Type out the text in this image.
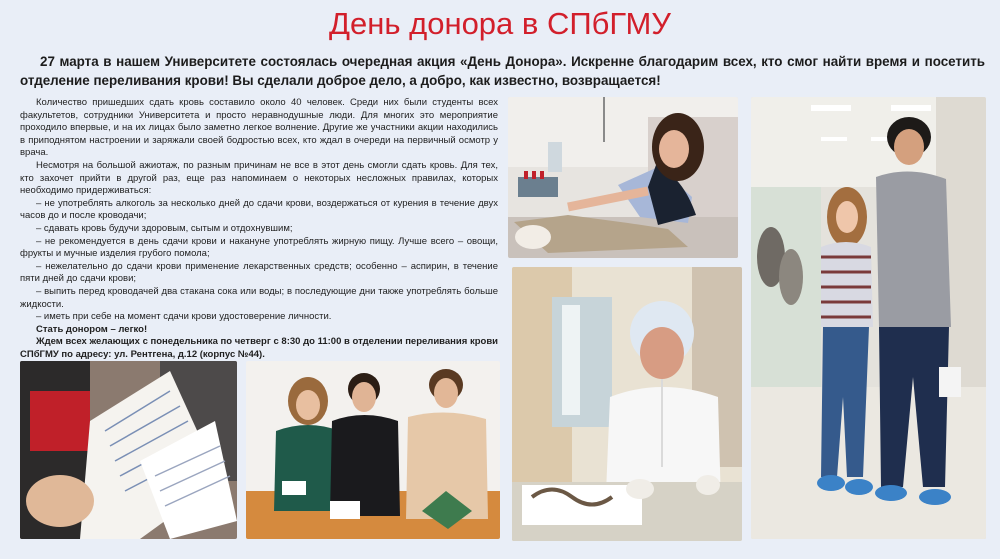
День донора в СПбГМУ
27 марта в нашем Университете состоялась очередная акция «День Донора». Искренне благодарим всех, кто смог найти время и посетить отделение переливания крови! Вы сделали доброе дело, а добро, как известно, возвращается!

Количество пришедших сдать кровь составило около 40 человек. Среди них были студенты всех факультетов, сотрудники Университета и просто неравнодушные люди. Для многих это мероприятие проходило впервые, и на их лицах было заметно легкое волнение. Другие же участники акции находились в приподнятом настроении и заряжали своей бодростью всех, кто ждал в очереди на первичный осмотр у врача.

Несмотря на большой ажиотаж, по разным причинам не все в этот день смогли сдать кровь. Для тех, кто захочет прийти в другой раз, еще раз напоминаем о некоторых несложных правилах, которых необходимо придерживаться:

– не употреблять алкоголь за несколько дней до сдачи крови, воздержаться от курения в течение двух часов до и после кроводачи;

– сдавать кровь будучи здоровым, сытым и отдохнувшим;

– не рекомендуется в день сдачи крови и накануне употреблять жирную пищу. Лучше всего – овощи, фрукты и мучные изделия грубого помола;

– нежелательно до сдачи крови применение лекарственных средств; особенно – аспирин, в течение пяти дней до сдачи крови;

– выпить перед кроводачей два стакана сока или воды; в последующие дни также употреблять больше жидкости.

– иметь при себе на момент сдачи крови удостоверение личности.

Стать донором – легко!

Ждем всех желающих с понедельника по четверг с 8:30 до 11:00 в отделении переливания крови СПбГМУ по адресу: ул. Рентгена, д.12 (корпус №44).
